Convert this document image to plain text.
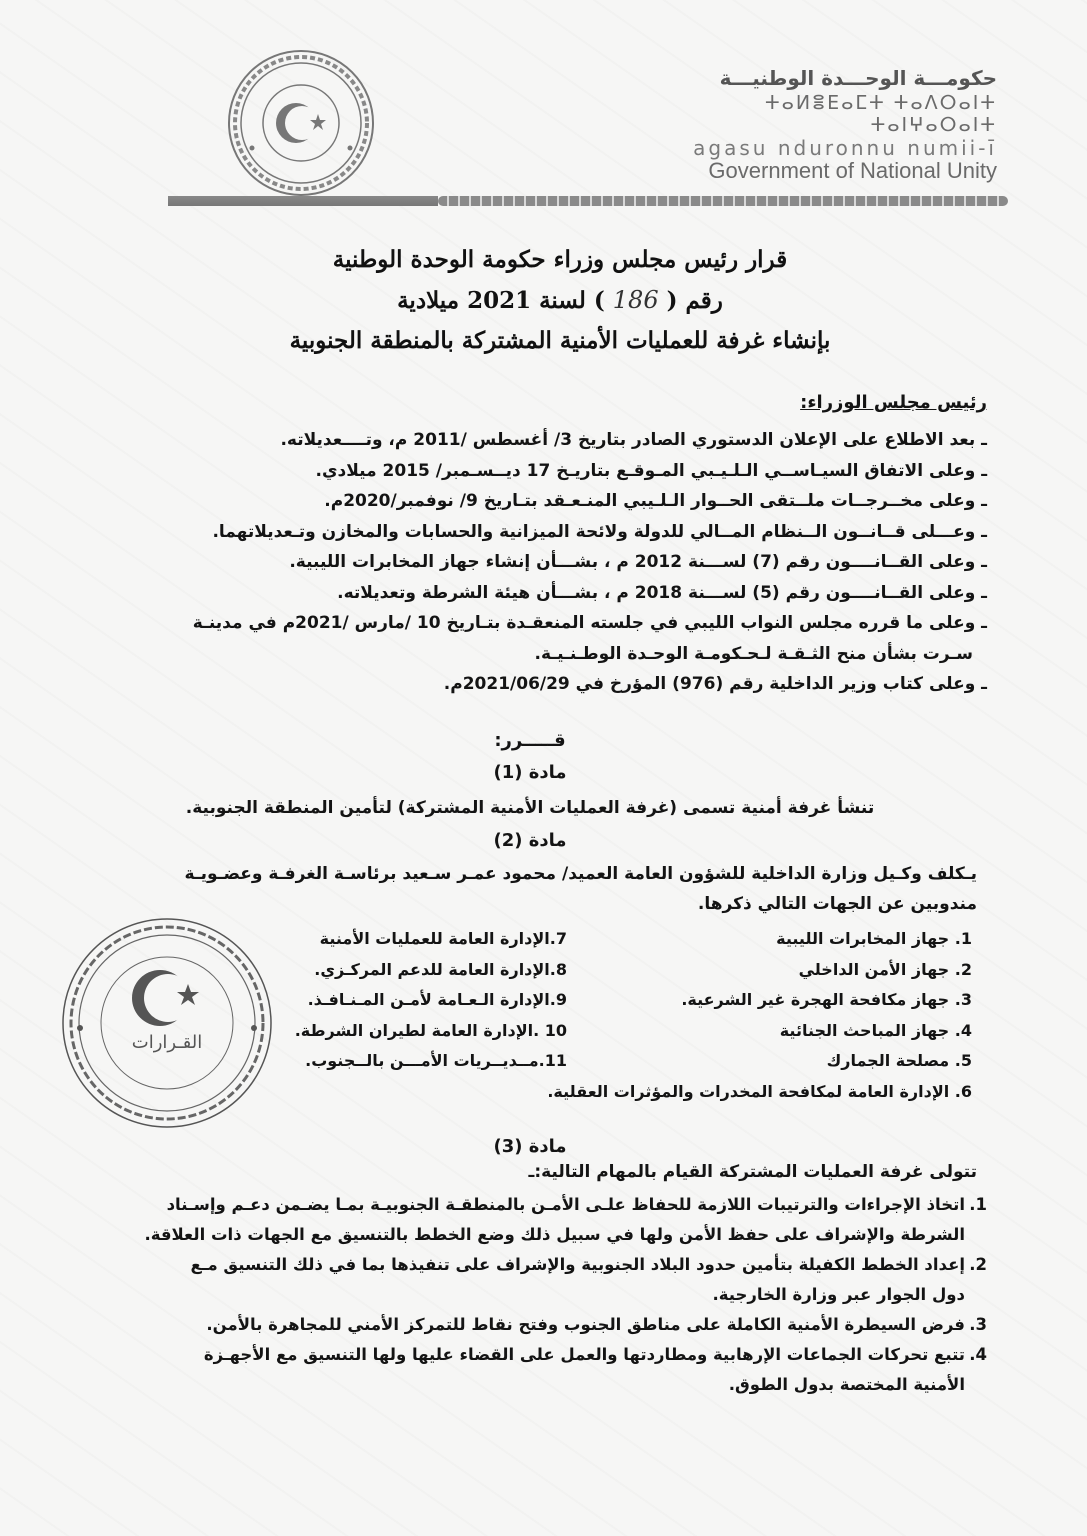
حكومـــة الوحـــدة الوطنيـــة
ⵜⴰⵍⴻⴹⴰⵎⵜ ⵜⴰⴷⵔⴰⵏⵜ ⵜⴰⵏⵖⴰⵔⴰⵏⵜ
agasu nduronnu numii-ī
Government of National Unity
قرار رئيس مجلس وزراء حكومة الوحدة الوطنية
رقم (186) لسنة 2021 ميلادية
بإنشاء غرفة للعمليات الأمنية المشتركة بالمنطقة الجنوبية
رئيس مجلس الوزراء:
ـ بعد الاطلاع على الإعلان الدستوري الصادر بتاريخ 3/ أغسطس /2011 م، وتــــعديلاته.
ـ وعلى الاتفاق السيـاســي الـلـيـبي المـوقـع بتاريـخ 17 ديــسـمبر/ 2015 ميلادي.
ـ وعلى مخــرجــات ملــتقى الحــوار الـلـيبي المنـعـقد بتـاريخ 9/ نوفمبر/2020م.
ـ وعـــلى قــانــون الــنظام المــالي للدولة ولائحة الميزانية والحسابات والمخازن وتـعديلاتهما.
ـ وعلى القــانــــون رقم (7) لســـنة 2012 م ، بشـــأن إنشاء جهاز المخابرات الليبية.
ـ وعلى القــانــــون رقم (5) لســـنة 2018 م ، بشـــأن هيئة الشرطة وتعديلاته.
ـ وعلى ما قرره مجلس النواب الليبي في جلسته المنعقـدة بتـاريخ 10 /مارس /2021م في مدينـة
سـرت بشأن منح الثـقـة لـحـكومـة الوحـدة الوطـنـيـة.
ـ وعلى كتاب وزير الداخلية رقم (976) المؤرخ في 2021/06/29م.
قـــــرر:
مادة (1)
تنشأ غرفة أمنية تسمى (غرفة العمليات الأمنية المشتركة) لتأمين المنطقة الجنوبية.
مادة (2)
يـكلف وكـيل وزارة الداخلية للشؤون العامة العميد/ محمود عمـر سـعيد برئاسـة الغرفـة وعضـويـة
مندوبين عن الجهات التالي ذكرها.
1. جهاز المخابرات الليبية
2. جهاز الأمن الداخلي
3. جهاز مكافحة الهجرة غير الشرعية.
4. جهاز المباحث الجنائية
5. مصلحة الجمارك
6. الإدارة العامة لمكافحة المخدرات والمؤثرات العقلية.
7.الإدارة العامة للعمليات الأمنية
8.الإدارة العامة للدعم المركـزي.
9.الإدارة الـعـامة لأمـن المـنـافـذ.
10 .الإدارة العامة لطيران الشرطة.
11.مــديــريات الأمـــن بالــجنوب.
القـرارات
مادة (3)
تتولى غرفة العمليات المشتركة القيام بالمهام التالية:ـ
1.اتخاذ الإجراءات والترتيبات اللازمة للحفاظ علـى الأمـن بالمنطقـة الجنوبيـة بمـا يضـمن دعـم وإسـناد
الشرطة والإشراف على حفظ الأمن ولها في سبيل ذلك وضع الخطط بالتنسيق مع الجهات ذات العلاقة.
2.إعداد الخطط الكفيلة بتأمين حدود البلاد الجنوبية والإشراف على تنفيذها بما في ذلك التنسيق مـع
دول الجوار عبر وزارة الخارجية.
3.فرض السيطرة الأمنية الكاملة على مناطق الجنوب وفتح نقاط للتمركز الأمني للمجاهرة بالأمن.
4.تتبع تحركات الجماعات الإرهابية ومطاردتها والعمل على القضاء عليها ولها التنسيق مع الأجهـزة
الأمنية المختصة بدول الطوق.
